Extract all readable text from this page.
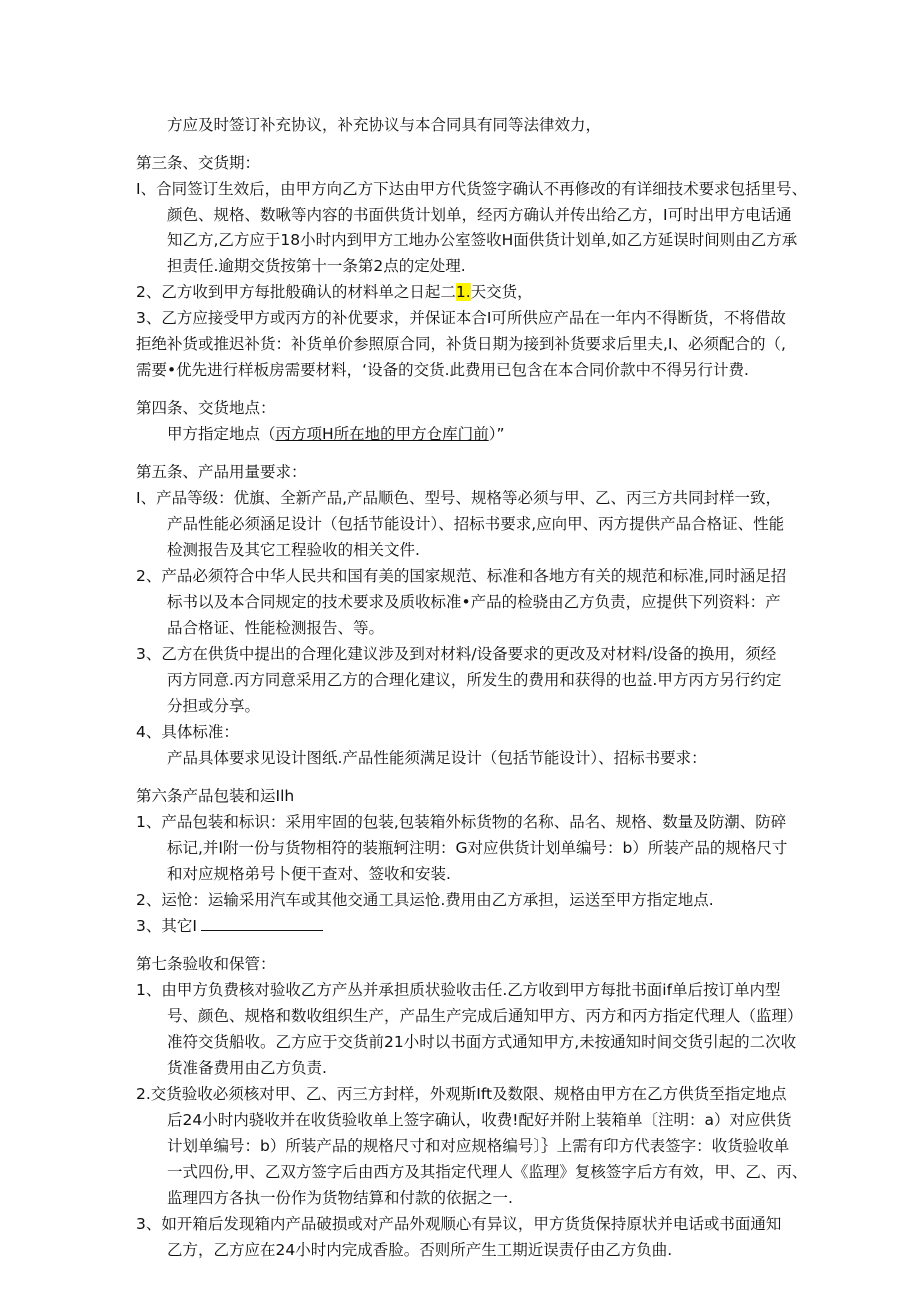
方应及时签订补充协议，补充协议与本合同具有同等法律效力，
第三条、交货期：
I、合同签订生效后，由甲方向乙方下达由甲方代货签字确认不再修改的有详细技术要求包括里号、
颜色、规格、数啾等内容的书面供货计划单，经丙方确认并传出给乙方，I可时出甲方电话通
知乙方,乙方应于18小时内到甲方工地办公室签收H面供货计划单,如乙方延误时间则由乙方承
担责任.逾期交货按第十一条第2点的定处理.
2、乙方收到甲方每批般确认的材料单之日起二1.天交货，
3、乙方应接受甲方或丙方的补优要求，并保证本合I可所供应产品在一年内不得断货，不将借故
拒绝补货或推迟补货：补货单价参照原合同，补货日期为接到补货要求后里夫,I、必须配合的（,
需要•优先进行样板房需要材料，‘设备的交货.此费用已包含在本合同价款中不得另行计费.
第四条、交货地点：
甲方指定地点（丙方项H所在地的甲方仓库门前）”
第五条、产品用量要求：
I、产品等级：优旗、全新产品,产品顺色、型号、规格等必须与甲、乙、丙三方共同封样一致，
产品性能必须涵足设计（包括节能设计）、招标书要求,应向甲、丙方提供产品合格证、性能
检测报告及其它工程验收的相关文件.
2、产品必须符合中华人民共和国有美的国家规范、标准和各地方有关的规范和标准,同时涵足招
标书以及本合同规定的技术要求及质收标准•产品的检骁由乙方负责，应提供下列资料：产
品合格证、性能检测报告、等。
3、乙方在供货中提出的合理化建议涉及到对材料/设备要求的更改及对材料/设备的换用，须经
丙方同意.丙方同意采用乙方的合理化建议，所发生的费用和获得的也益.甲方丙方另行约定
分担或分享。
4、具体标准：
产品具体要求见设计图纸.产品性能须满足设计（包括节能设计）、招标书要求：
第六条产品包装和运Ilh
1、产品包装和标识：采用牢固的包装,包装箱外标货物的名称、品名、规格、数量及防潮、防碎
标记,并I附一份与货物相符的装瓶轲注明：G对应供货计划单编号：b）所装产品的规格尺寸
和对应规格弟号卜便干查对、签收和安装.
2、运怆：运输采用汽车或其他交通工具运怆.费用由乙方承担，运送至甲方指定地点.
3、其它I
第七条验收和保管：
1、由甲方负费核对验收乙方产丛并承担质状验收击任.乙方收到甲方每批书面if单后按订单内型
号、颜色、规格和数收组织生产，产品生产完成后通知甲方、丙方和丙方指定代理人（监理）
准符交货船收。乙方应于交货前21小时以书面方式通知甲方,未按通知时间交货引起的二次收
货准备费用由乙方负责.
2.交货验收必须核对甲、乙、丙三方封样，外观斯Ift及数限、规格由甲方在乙方供货至指定地点
后24小时内骁收并在收货验收单上签字确认，收费!配好并附上装箱单〔注明：a）对应供货
计划单编号：b）所装产品的规格尺寸和对应规格编号〕｝上需有印方代表签字：收货验收单
一式四份,甲、乙双方签字后由西方及其指定代理人《监理》复核签字后方有效，甲、乙、丙、
监理四方各执一份作为货物结算和付款的依据之一.
3、如开箱后发现箱内产品破损或对产品外观顺心有异议，甲方货货保持原状并电话或书面通知
乙方，乙方应在24小时内完成香脸。否则所产生工期近误责仔由乙方负曲.
